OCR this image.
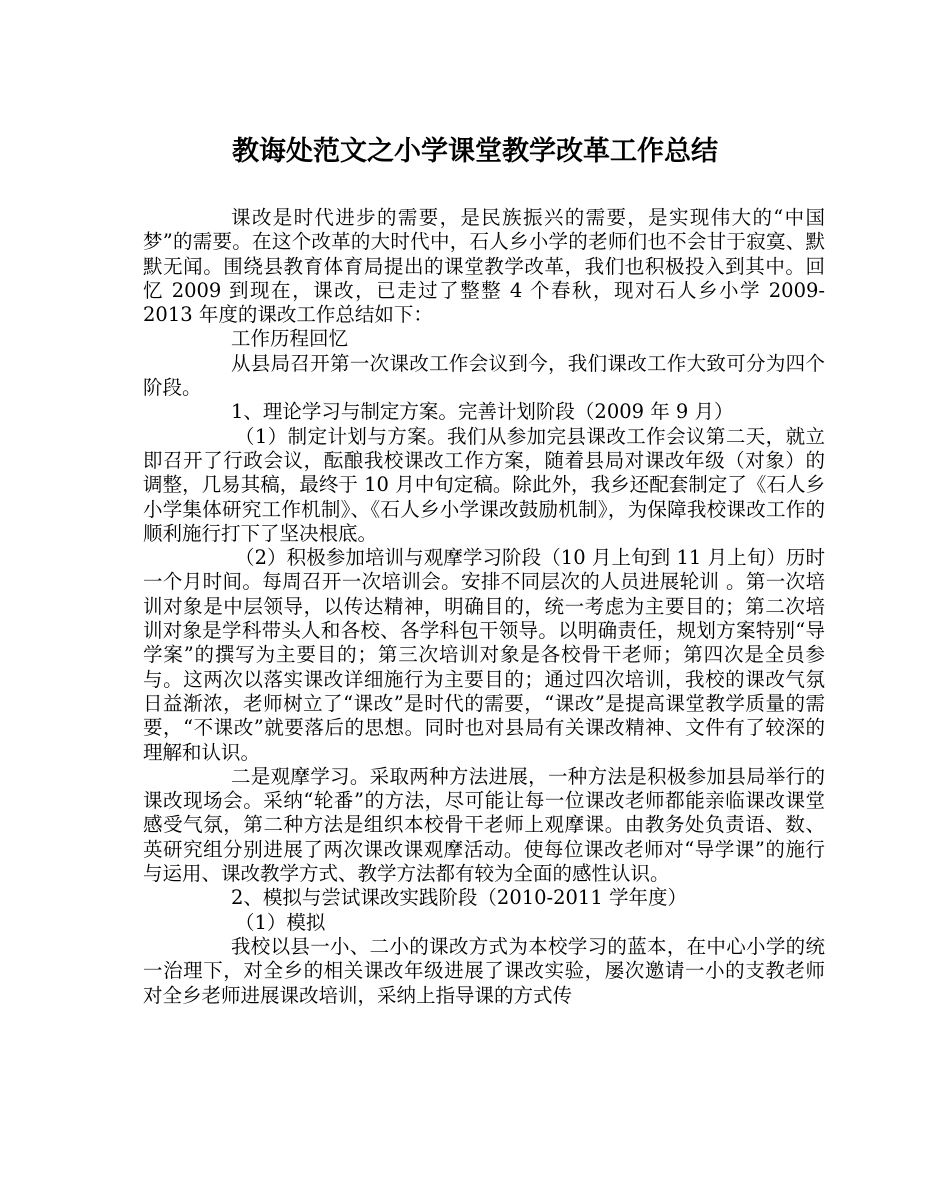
教诲处范文之小学课堂教学改革工作总结

课改是时代进步的需要，是民族振兴的需要，是实现伟大的“中国梦”的需要。在这个改革的大时代中，石人乡小学的老师们也不会甘于寂寞、默默无闻。围绕县教育体育局提出的课堂教学改革，我们也积极投入到其中。回忆 2009 到现在，课改，已走过了整整 4 个春秋，现对石人乡小学 2009-2013 年度的课改工作总结如下：

工作历程回忆

从县局召开第一次课改工作会议到今，我们课改工作大致可分为四个阶段。

1、理论学习与制定方案。完善计划阶段（2009 年 9 月）

（1）制定计划与方案。我们从参加完县课改工作会议第二天，就立即召开了行政会议，酝酿我校课改工作方案，随着县局对课改年级（对象）的调整，几易其稿，最终于 10 月中旬定稿。除此外，我乡还配套制定了《石人乡小学集体研究工作机制》、《石人乡小学课改鼓励机制》，为保障我校课改工作的顺利施行打下了坚决根底。

（2）积极参加培训与观摩学习阶段（10 月上旬到 11 月上旬）历时一个月时间。每周召开一次培训会。安排不同层次的人员进展轮训 。第一次培训对象是中层领导，以传达精神，明确目的，统一考虑为主要目的；第二次培训对象是学科带头人和各校、各学科包干领导。以明确责任，规划方案特别“导学案”的撰写为主要目的；第三次培训对象是各校骨干老师；第四次是全员参与。这两次以落实课改详细施行为主要目的；通过四次培训，我校的课改气氛日益渐浓，老师树立了“课改”是时代的需要，“课改”是提高课堂教学质量的需要，“不课改”就要落后的思想。同时也对县局有关课改精神、文件有了较深的理解和认识。

二是观摩学习。采取两种方法进展，一种方法是积极参加县局举行的课改现场会。采纳“轮番”的方法，尽可能让每一位课改老师都能亲临课改课堂感受气氛，第二种方法是组织本校骨干老师上观摩课。由教务处负责语、数、英研究组分别进展了两次课改课观摩活动。使每位课改老师对“导学课”的施行与运用、课改教学方式、教学方法都有较为全面的感性认识。

2、模拟与尝试课改实践阶段（2010-2011 学年度）

（1）模拟

我校以县一小、二小的课改方式为本校学习的蓝本，在中心小学的统一治理下，对全乡的相关课改年级进展了课改实验，屡次邀请一小的支教老师对全乡老师进展课改培训，采纳上指导课的方式传
